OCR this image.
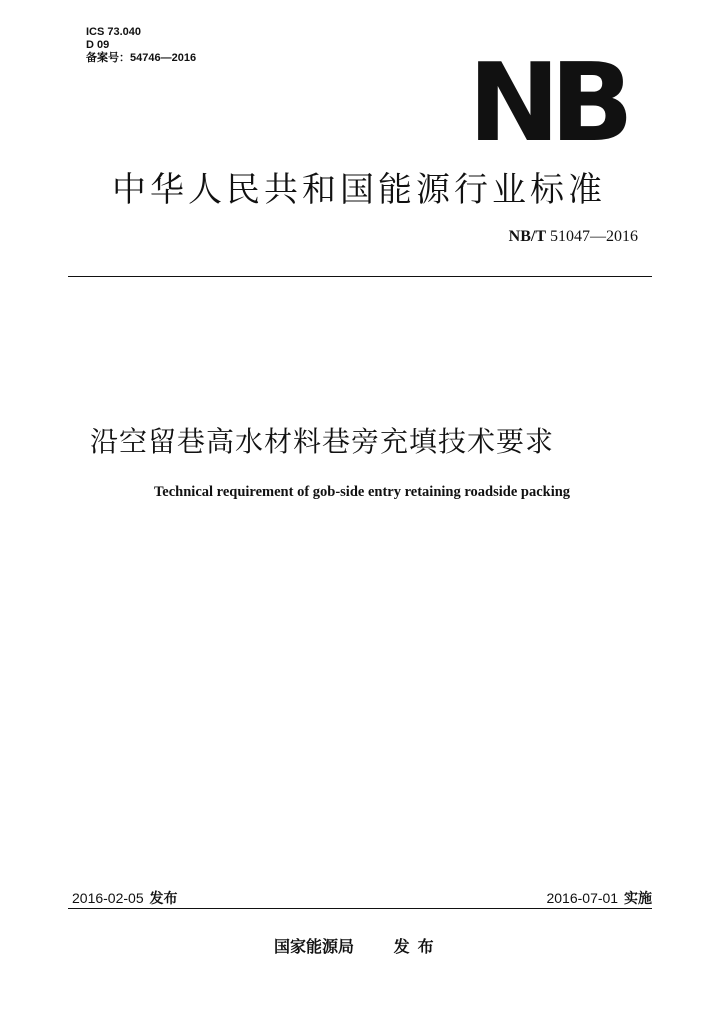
ICS 73.040
D 09
备案号：54746—2016	NB
中华人民共和国能源行业标准
NB/T 51047—2016
沿空留巷高水材料巷旁充填技术要求
Technical requirement of gob-side entry retaining roadside packing
2016-02-05 发布	2016-07-01 实施
国家能源局 发布
